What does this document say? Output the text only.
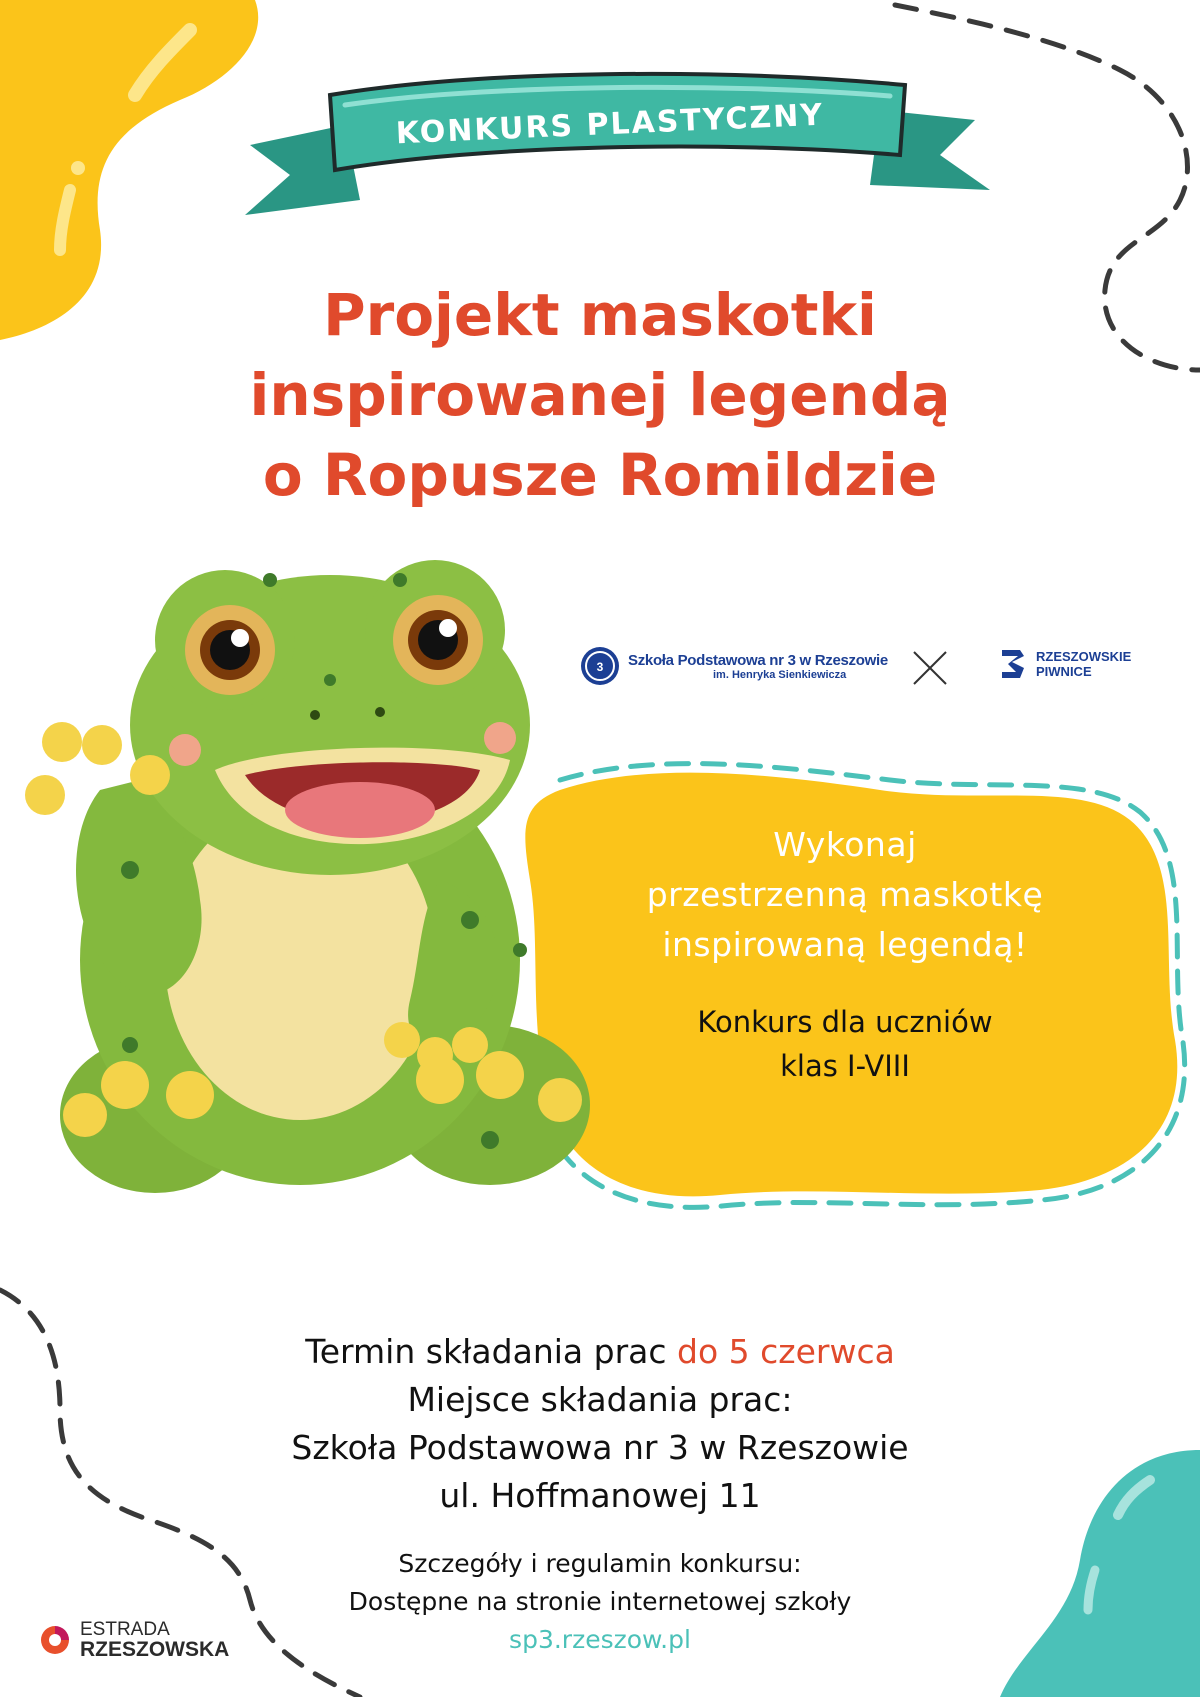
KONKURS PLASTYCZNY
Projekt maskotki
inspirowanej legendą
o Ropusze Romildzie
3 Szkoła Podstawowa nr 3 w Rzeszowie
im. Henryka Sienkiewicza
RZESZOWSKIE
PIWNICE
Wykonaj
przestrzenną maskotkę
inspirowaną legendą!
Konkurs dla uczniów
klas I-VIII
Termin składania prac do 5 czerwca
Miejsce składania prac:
Szkoła Podstawowa nr 3 w Rzeszowie
ul. Hoffmanowej 11
Szczegóły i regulamin konkursu:
Dostępne na stronie internetowej szkoły
sp3.rzeszow.pl
ESTRADA
RZESZOWSKA
